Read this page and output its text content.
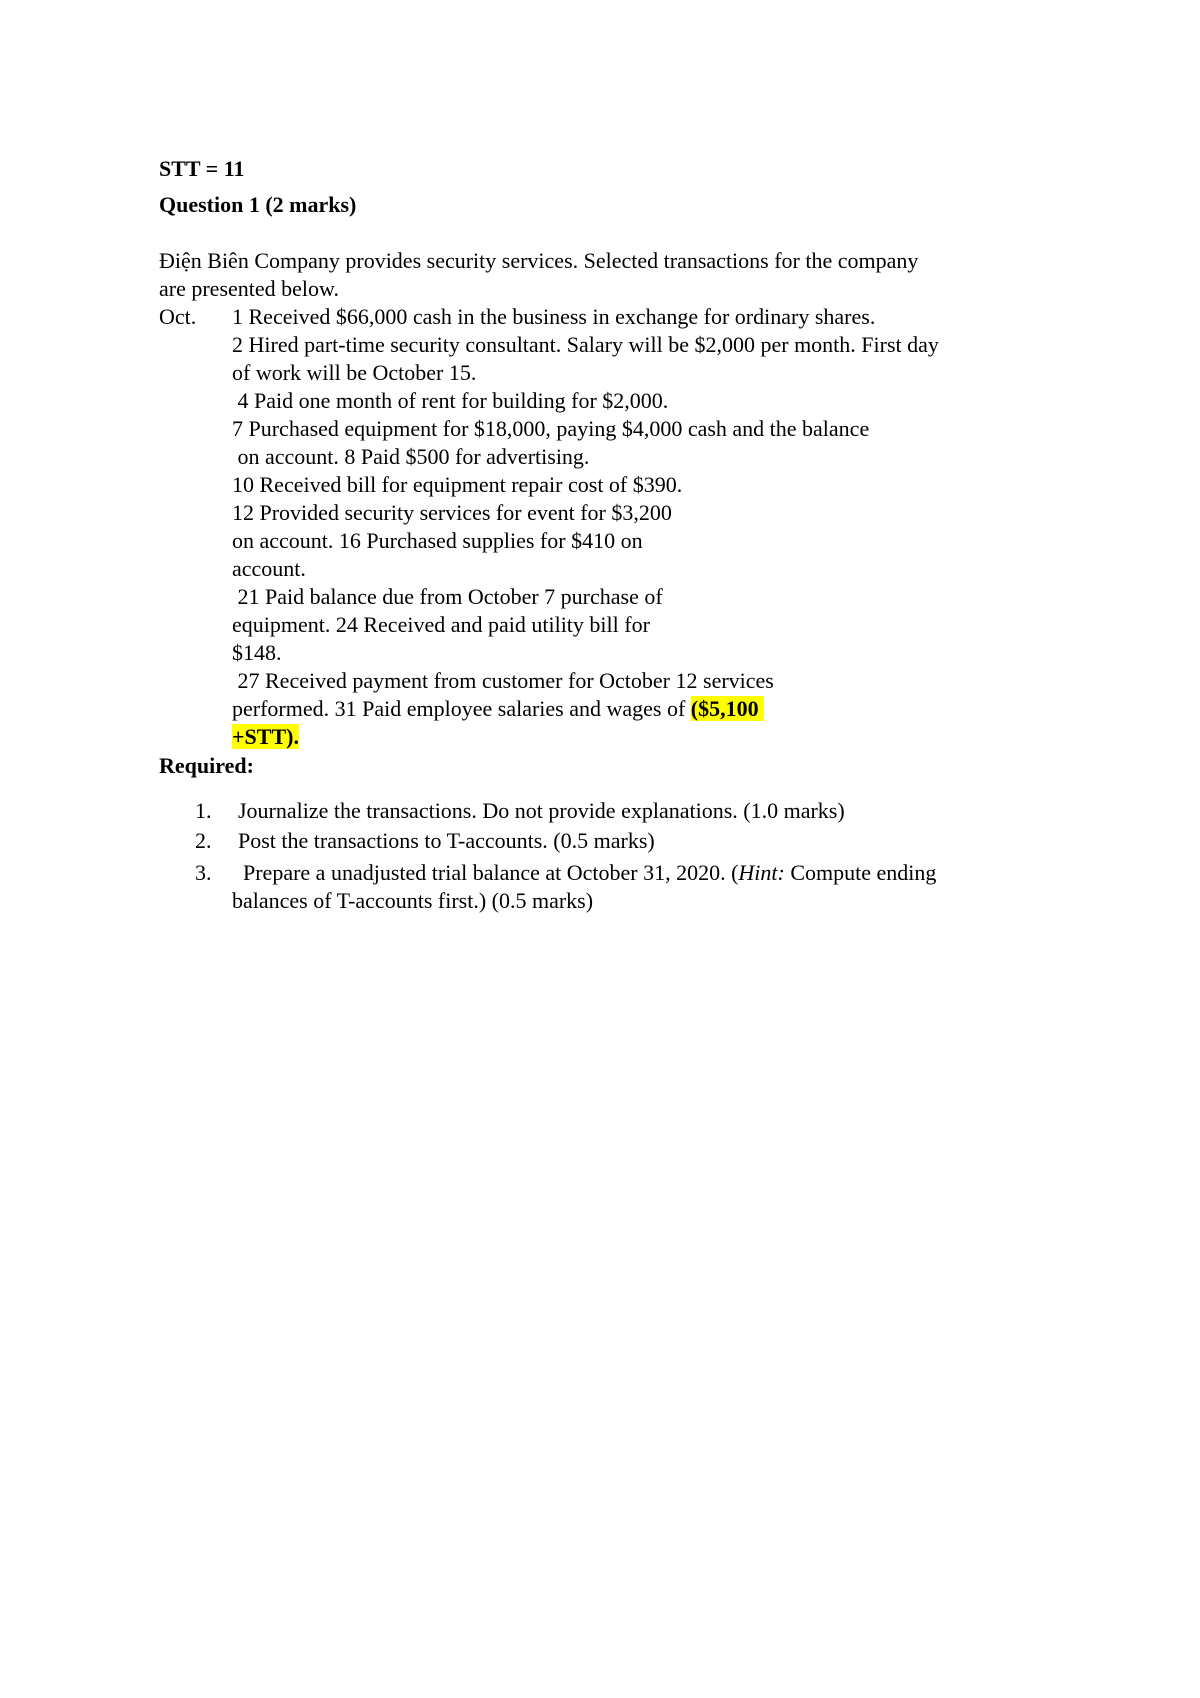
STT = 11
Question 1 (2 marks)
Điện Biên Company provides security services. Selected transactions for the company
are presented below.
Oct. 1 Received $66,000 cash in the business in exchange for ordinary shares.
2 Hired part-time security consultant. Salary will be $2,000 per month. First day
of work will be October 15.
4 Paid one month of rent for building for $2,000.
7 Purchased equipment for $18,000, paying $4,000 cash and the balance
on account. 8 Paid $500 for advertising.
10 Received bill for equipment repair cost of $390.
12 Provided security services for event for $3,200
on account. 16 Purchased supplies for $410 on
account.
21 Paid balance due from October 7 purchase of
equipment. 24 Received and paid utility bill for
$148.
27 Received payment from customer for October 12 services
performed. 31 Paid employee salaries and wages of ($5,100
+STT).
Required:
1. Journalize the transactions. Do not provide explanations. (1.0 marks)
2. Post the transactions to T-accounts. (0.5 marks)
3. Prepare a unadjusted trial balance at October 31, 2020. (Hint: Compute ending
balances of T-accounts first.) (0.5 marks)
